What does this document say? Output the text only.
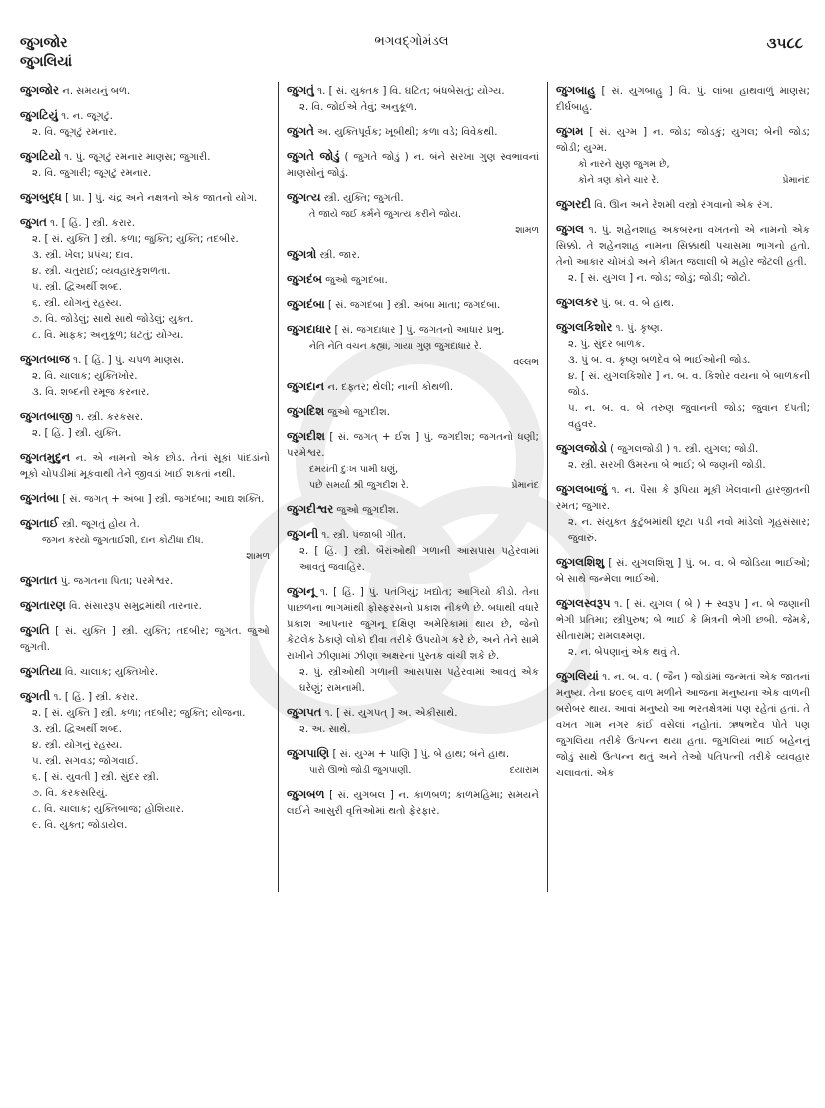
જુગજોર
જુગલિયાં
ભગવદ્ગોમંડલ	૩૫૮૮
જુગજોર ન. સમયનું બળ.
જુગટિયું ૧. ન. જૂગટું.
૨. વિ. જૂગટું રમનાર.
જુગટિયો ૧. પું. જૂગટું રમનાર માણસ; જુગારી.
૨. વિ. જુગારી; જૂગટું રમનાર.
જુગબુદ્ધ [ પ્રા. ] પું. ચંદ્ર અને નક્ષત્રનો એક જાતનો યોગ.
જુગત ૧. [ હિં. ] સ્ત્રી. કરાર.
૨. [ સં. યુક્તિ ] સ્ત્રી. કળા; જુક્તિ; યુક્તિ; તદબીર.
૩. સ્ત્રી. ખેલ; પ્રપંચ; દાવ.
૪. સ્ત્રી. ચતુરાઈ; વ્યવહારકુશળતા.
૫. સ્ત્રી. દ્વિઅર્થી શબ્દ.
૬. સ્ત્રી. યોગનું રહસ્ય.
૭. વિ. જોડેલું; સાથે સાથે જોડેલું; યુક્ત.
૮. વિ. માફક; અનુકૂળ; ઘટતું; યોગ્ય.
જુગતબાજ ૧. [ હિં. ] પું. ચપળ માણસ.
૨. વિ. ચાલાક; યુક્તિખોર.
૩. વિ. શબ્દની રમૂજ કરનાર.
જુગતબાજી ૧. સ્ત્રી. કરકસર.
૨. [ હિં. ] સ્ત્રી. યુક્તિ.
જુગતમુદુન ન. એ નામનો એક છોડ. તેનાં સૂકાં પાંદડાંનો ભૂકો ચોપડીમાં મૂકવાથી તેને જીવડાં ખાઈ શકતાં નથી.
જુગતંબા [ સં. જગત્ + અંબા ] સ્ત્રી. જગદંબા; આદ્ય શક્તિ.
જુગતાઈ સ્ત્રી. જૂગતું હોય તે.
જગન કરયો જુગતાઈશી, દાન કોટીધા દીધ.
શામળ
જુગતાત પું. જગતના પિતા; પરમેશ્વર.
જુગતારણ વિ. સંસારરૂપ સમુદ્રમાંથી તારનાર.
જુગતિ [ સં. યુક્તિ ] સ્ત્રી. યુક્તિ; તદબીર; જુગત. જુઓ જુગતી.
જુગતિયા વિ. ચાલાક; યુક્તિખોર.
જુગતી ૧. [ હિં. ] સ્ત્રી. કરાર.
૨. [ સં. યુક્તિ ] સ્ત્રી. કળા; તદબીર; જુક્તિ; યોજના.
૩. સ્ત્રી. દ્વિઅર્થી શબ્દ.
૪. સ્ત્રી. યોગનું રહસ્ય.
૫. સ્ત્રી. સગવડ; જોગવાઈ.
૬. [ સં. યુવતી ] સ્ત્રી. સુંદર સ્ત્રી.
૭. વિ. કરકસરિયું.
૮. વિ. ચાલાક; યુક્તિબાજ; હોશિયાર.
૯. વિ. યુક્ત; જોડાયેલ.
જુગતું ૧. [ સં. યુક્તક ] વિ. ઘટિત; બંધબેસતું; યોગ્ય.
૨. વિ. જોઈએ તેવું; અનુકૂળ.
જુગતે અ. યુક્તિપૂર્વક; ખૂબીથી; કળા વડે; વિવેકથી.
જુગતે જોડું ( જુગતે જોડું ) ન. બંને સરખા ગુણ સ્વભાવનાં માણસોનું જોડું.
જુગત્ય સ્ત્રી. યુક્તિ; જુગતી.
તે જાયે જઈ કર્મને જુગત્ય કરીને જોય.
શામળ
જુગત્રો સ્ત્રી. જાર.
જુગદંબ જુઓ જુગદંબા.
જુગદંબા [ સં. જગદંબા ] સ્ત્રી. અંબા માતા; જગદંબા.
જુગદાધાર [ સં. જગદાધાર ] પું. જગતનો આધાર પ્રભુ.
નેતિ નેતિ વચન કહ્યા, ગાયા ગુણ જુગદાધાર રે.
વલ્લભ
જુગદાન ન. દફ્તર; થેલી; નાની કોથળી.
જુગદિશ જુઓ જુગદીશ.
જુગદીશ [ સં. જગત્ + ઈશ ] પું. જગદીશ; જગતનો ધણી; પરમેશ્વર.
દમયંતી દુઃખ પામી ઘણું,
પછે સમર્યા શ્રી જુગદીશ રે.	પ્રેમાનંદ
જુગદીશ્વર જુઓ જુગદીશ.
જુગની ૧. સ્ત્રી. પંજાબી ગીત.
૨. [ હિં. ] સ્ત્રી. બૈરાંઓથી ગળાની આસપાસ પહેરવામાં આવતું જવાહિર.
જુગનૂ ૧. [ હિં. ] પું. પતંગિયું; ખદ્યોત; આગિયો કીડો. તેના પાછળના ભાગમાંથી ફોસ્ફરસનો પ્રકાશ નીકળે છે. બધાથી વધારે પ્રકાશ આપનાર જુગનૂ દક્ષિણ અમેરિકામાં થાય છે, જેનો કેટલેક ઠેકાણે લોકો દીવા તરીકે ઉપયોગ કરે છે, અને તેને સામે રાખીને ઝીણામાં ઝીણા અક્ષરનાં પુસ્તક વાંચી શકે છે.
૨. પું. સ્ત્રીઓથી ગળાની આસપાસ પહેરવામાં આવતું એક ઘરેણું; રામનામી.
જુગપત ૧. [ સં. યુગપત્ ] અ. એકીસાથે.
૨. અ. સાથે.
જુગપાણિ [ સં. યુગ્મ + પાણિ ] પું. બે હાથ; બંને હાથ.
પારો ઊભો જોડી જુગપાણી.	દયારામ
જુગબળ [ સં. યુગબલ ] ન. કાળબળ; કાળમહિમા; સમયને લઈને આસુરી વૃત્તિઓમાં થતો ફેરફાર.
જુગબાહુ [ સં. યુગબાહુ ] વિ. પું. લાંબા હાથવાળું માણસ; દીર્ઘબાહુ.
જુગમ [ સં. યુગ્મ ] ન. જોડ; જોડકું; યુગલ; બેની જોડ; જોડી; યુગ્મ.
કો નારને સુણ જુગમ છે,
કોને ત્રણ કોને ચાર રે.	પ્રેમાનંદ
જુગરદી વિ. ઊન અને રેશમી વસ્ત્રો રંગવાનો એક રંગ.
જુગલ ૧. પું. શહેનશાહ અકબરના વખતનો એ નામનો એક સિક્કો. તે શહેનશાહ નામના સિક્કાથી પચાસમા ભાગનો હતો. તેનો આકાર ચોખંડો અને કીમત જલાલી બે મહોર જેટલી હતી.
૨. [ સં. યુગલ ] ન. જોડ; જોડું; જોડી; જોટો.
જુગલકર પું. બ. વ. બે હાથ.
જુગલકિશોર ૧. પું. કૃષ્ણ.
૨. પું. સુંદર બાળક.
૩. પું બ. વ. કૃષ્ણ બળદેવ બે ભાઈઓની જોડ.
૪. [ સં. યુગલકિશોર ] ન. બ. વ. કિશોર વયના બે બાળકની જોડ.
૫. ન. બ. વ. બે તરુણ જુવાનની જોડ; જુવાન દંપતી; વહુવર.
જુગલજોડો ( જુગલજોડી ) ૧. સ્ત્રી. યુગલ; જોડી.
૨. સ્ત્રી. સરખી ઉમરના બે ભાઈ; બે જણની જોડી.
જુગલબાજું ૧. ન. પૈસા કે રૂપિયા મૂકી ખેલવાની હારજીતની રમત; જુગાર.
૨. ન. સંયુક્ત કુટુંબમાંથી છૂટા પડી નવો માંડેલો ગૃહસંસાર; જુવારું.
જુગલશિશુ [ સં. યુગલશિશુ ] પું. બ. વ. બે જોડિયા ભાઈઓ; બે સાથે જન્મેલા ભાઈઓ.
જુગલસ્વરૂપ ૧. [ સં. યુગલ ( બે ) + સ્વરૂપ ] ન. બે જણાની ભેગી પ્રતિમા; સ્ત્રીપુરુષ; બે ભાઈ કે મિત્રની ભેગી છબી. જેમકે, સીતારામ; રામલક્ષ્મણ.
૨. ન. બેપણાનું એક થવું તે.
જુગલિયાં ૧. ન. બ. વ. ( જૈન ) જોડાંમાં જન્મતાં એક જાતનાં મનુષ્ય. તેના ૪૦૯૬ વાળ મળીને આજના મનુષ્યના એક વાળની બરોબર થાય. આવાં મનુષ્યો આ ભરતક્ષેત્રમાં પણ રહેતાં હતાં. તે વખત ગામ નગર કાંઈ વસેલાં નહોતાં. ઋષભદેવ પોતે પણ જુગલિયા તરીકે ઉત્પન્ન થયા હતા. જુગલિયાં ભાઈ બહેનનું જોડું સાથે ઉત્પન્ન થતું અને તેઓ પતિપત્ની તરીકે વ્યવહાર ચલાવતાં. એક
